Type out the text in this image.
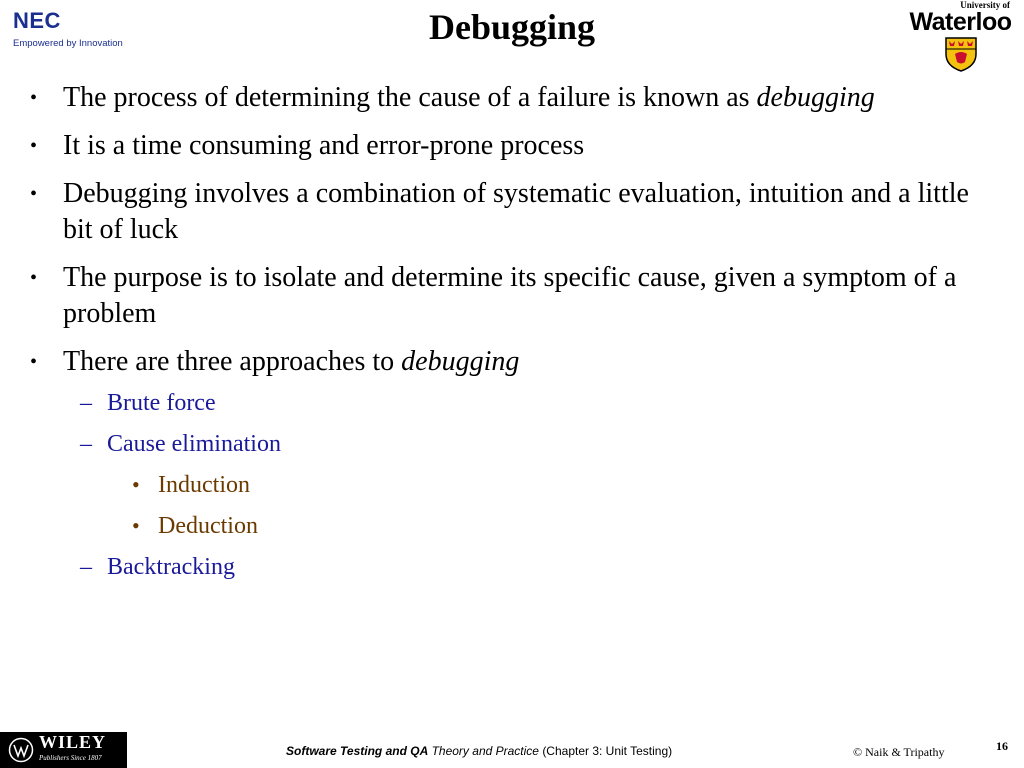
NEC
Empowered by Innovation	Debugging
University of
Waterloo
• The process of determining the cause of a failure is known as debugging
• It is a time consuming and error-prone process
• Debugging involves a combination of systematic evaluation, intuition and a little bit of luck
• The purpose is to isolate and determine its specific cause, given a symptom of a problem
• There are three approaches to debugging
– Brute force
– Cause elimination
• Induction
• Deduction
– Backtracking
WILEY
Publishers Since 1807	Software Testing and QA Theory and Practice (Chapter 3: Unit Testing)	© Naik & Tripathy	16
